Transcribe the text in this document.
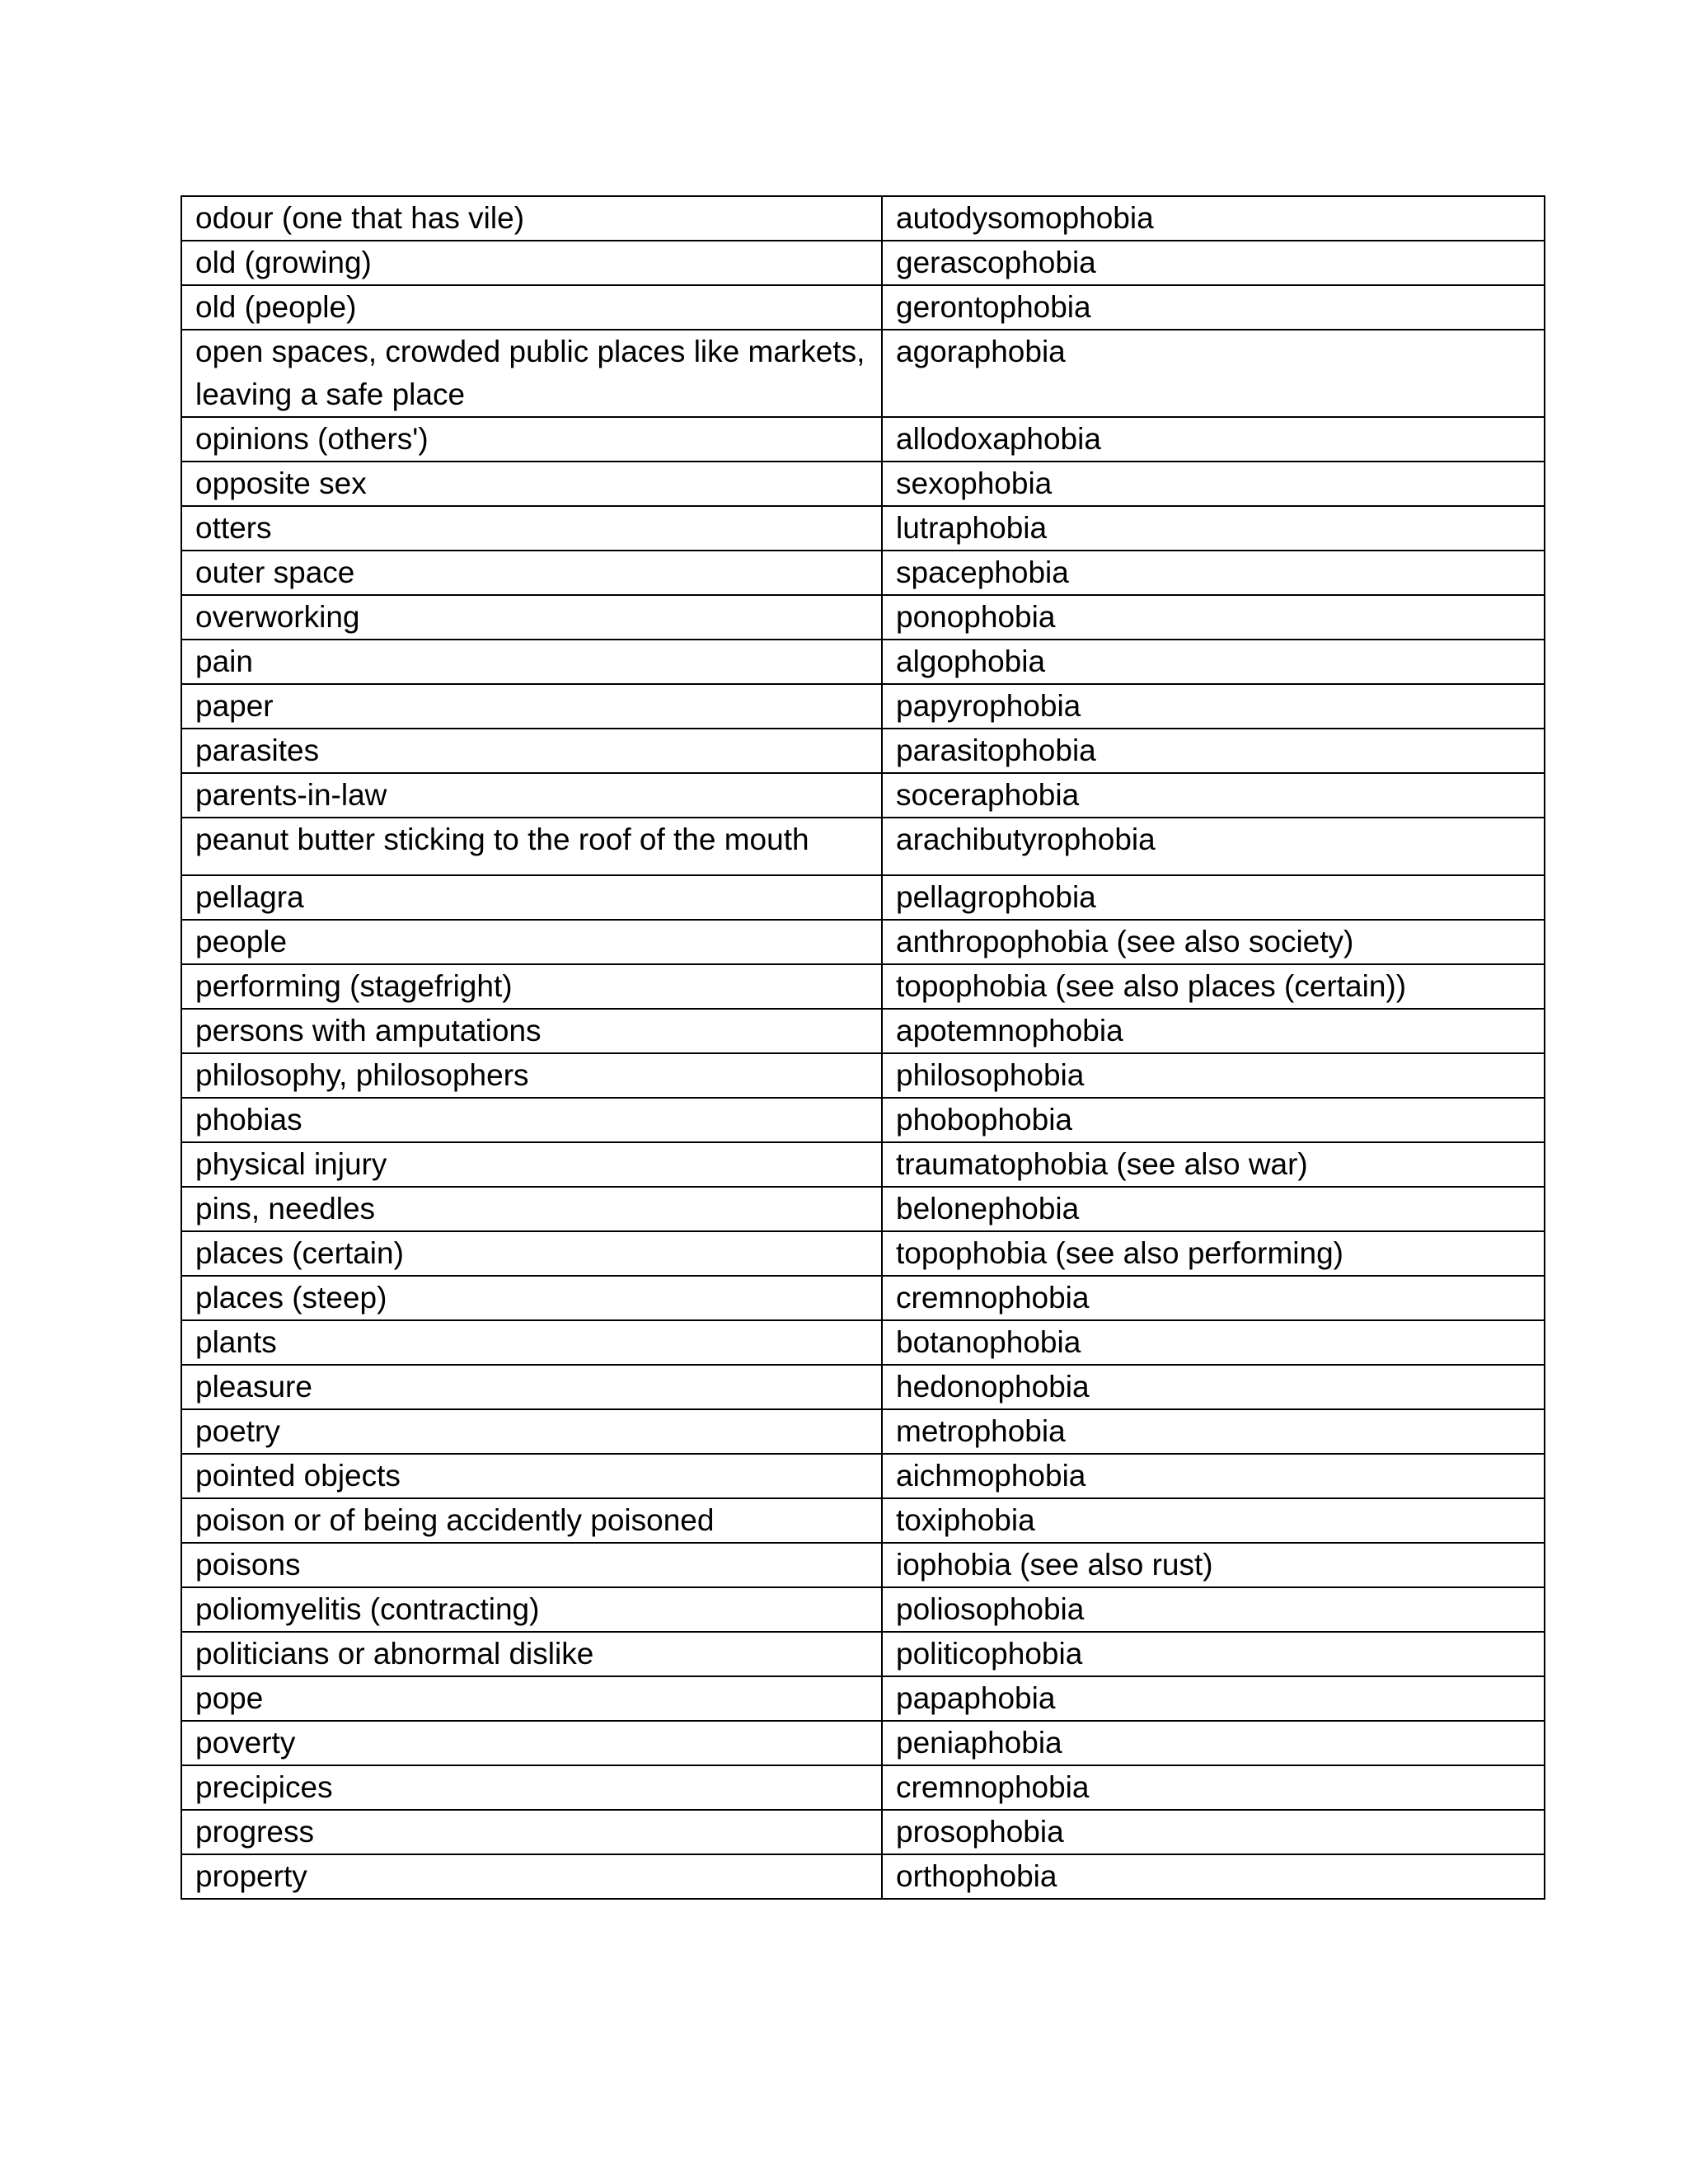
odour (one that has vile)	autodysomophobia
old (growing)	gerascophobia
old (people)	gerontophobia
open spaces, crowded public places like markets, leaving a safe place	agoraphobia
opinions (others')	allodoxaphobia
opposite sex	sexophobia
otters	lutraphobia
outer space	spacephobia
overworking	ponophobia
pain	algophobia
paper	papyrophobia
parasites	parasitophobia
parents-in-law	soceraphobia
peanut butter sticking to the roof of the mouth	arachibutyrophobia
pellagra	pellagrophobia
people	anthropophobia (see also society)
performing (stagefright)	topophobia (see also places (certain))
persons with amputations	apotemnophobia
philosophy, philosophers	philosophobia
phobias	phobophobia
physical injury	traumatophobia (see also war)
pins, needles	belonephobia
places (certain)	topophobia (see also performing)
places (steep)	cremnophobia
plants	botanophobia
pleasure	hedonophobia
poetry	metrophobia
pointed objects	aichmophobia
poison or of being accidently poisoned	toxiphobia
poisons	iophobia (see also rust)
poliomyelitis (contracting)	poliosophobia
politicians or abnormal dislike	politicophobia
pope	papaphobia
poverty	peniaphobia
precipices	cremnophobia
progress	prosophobia
property	orthophobia
